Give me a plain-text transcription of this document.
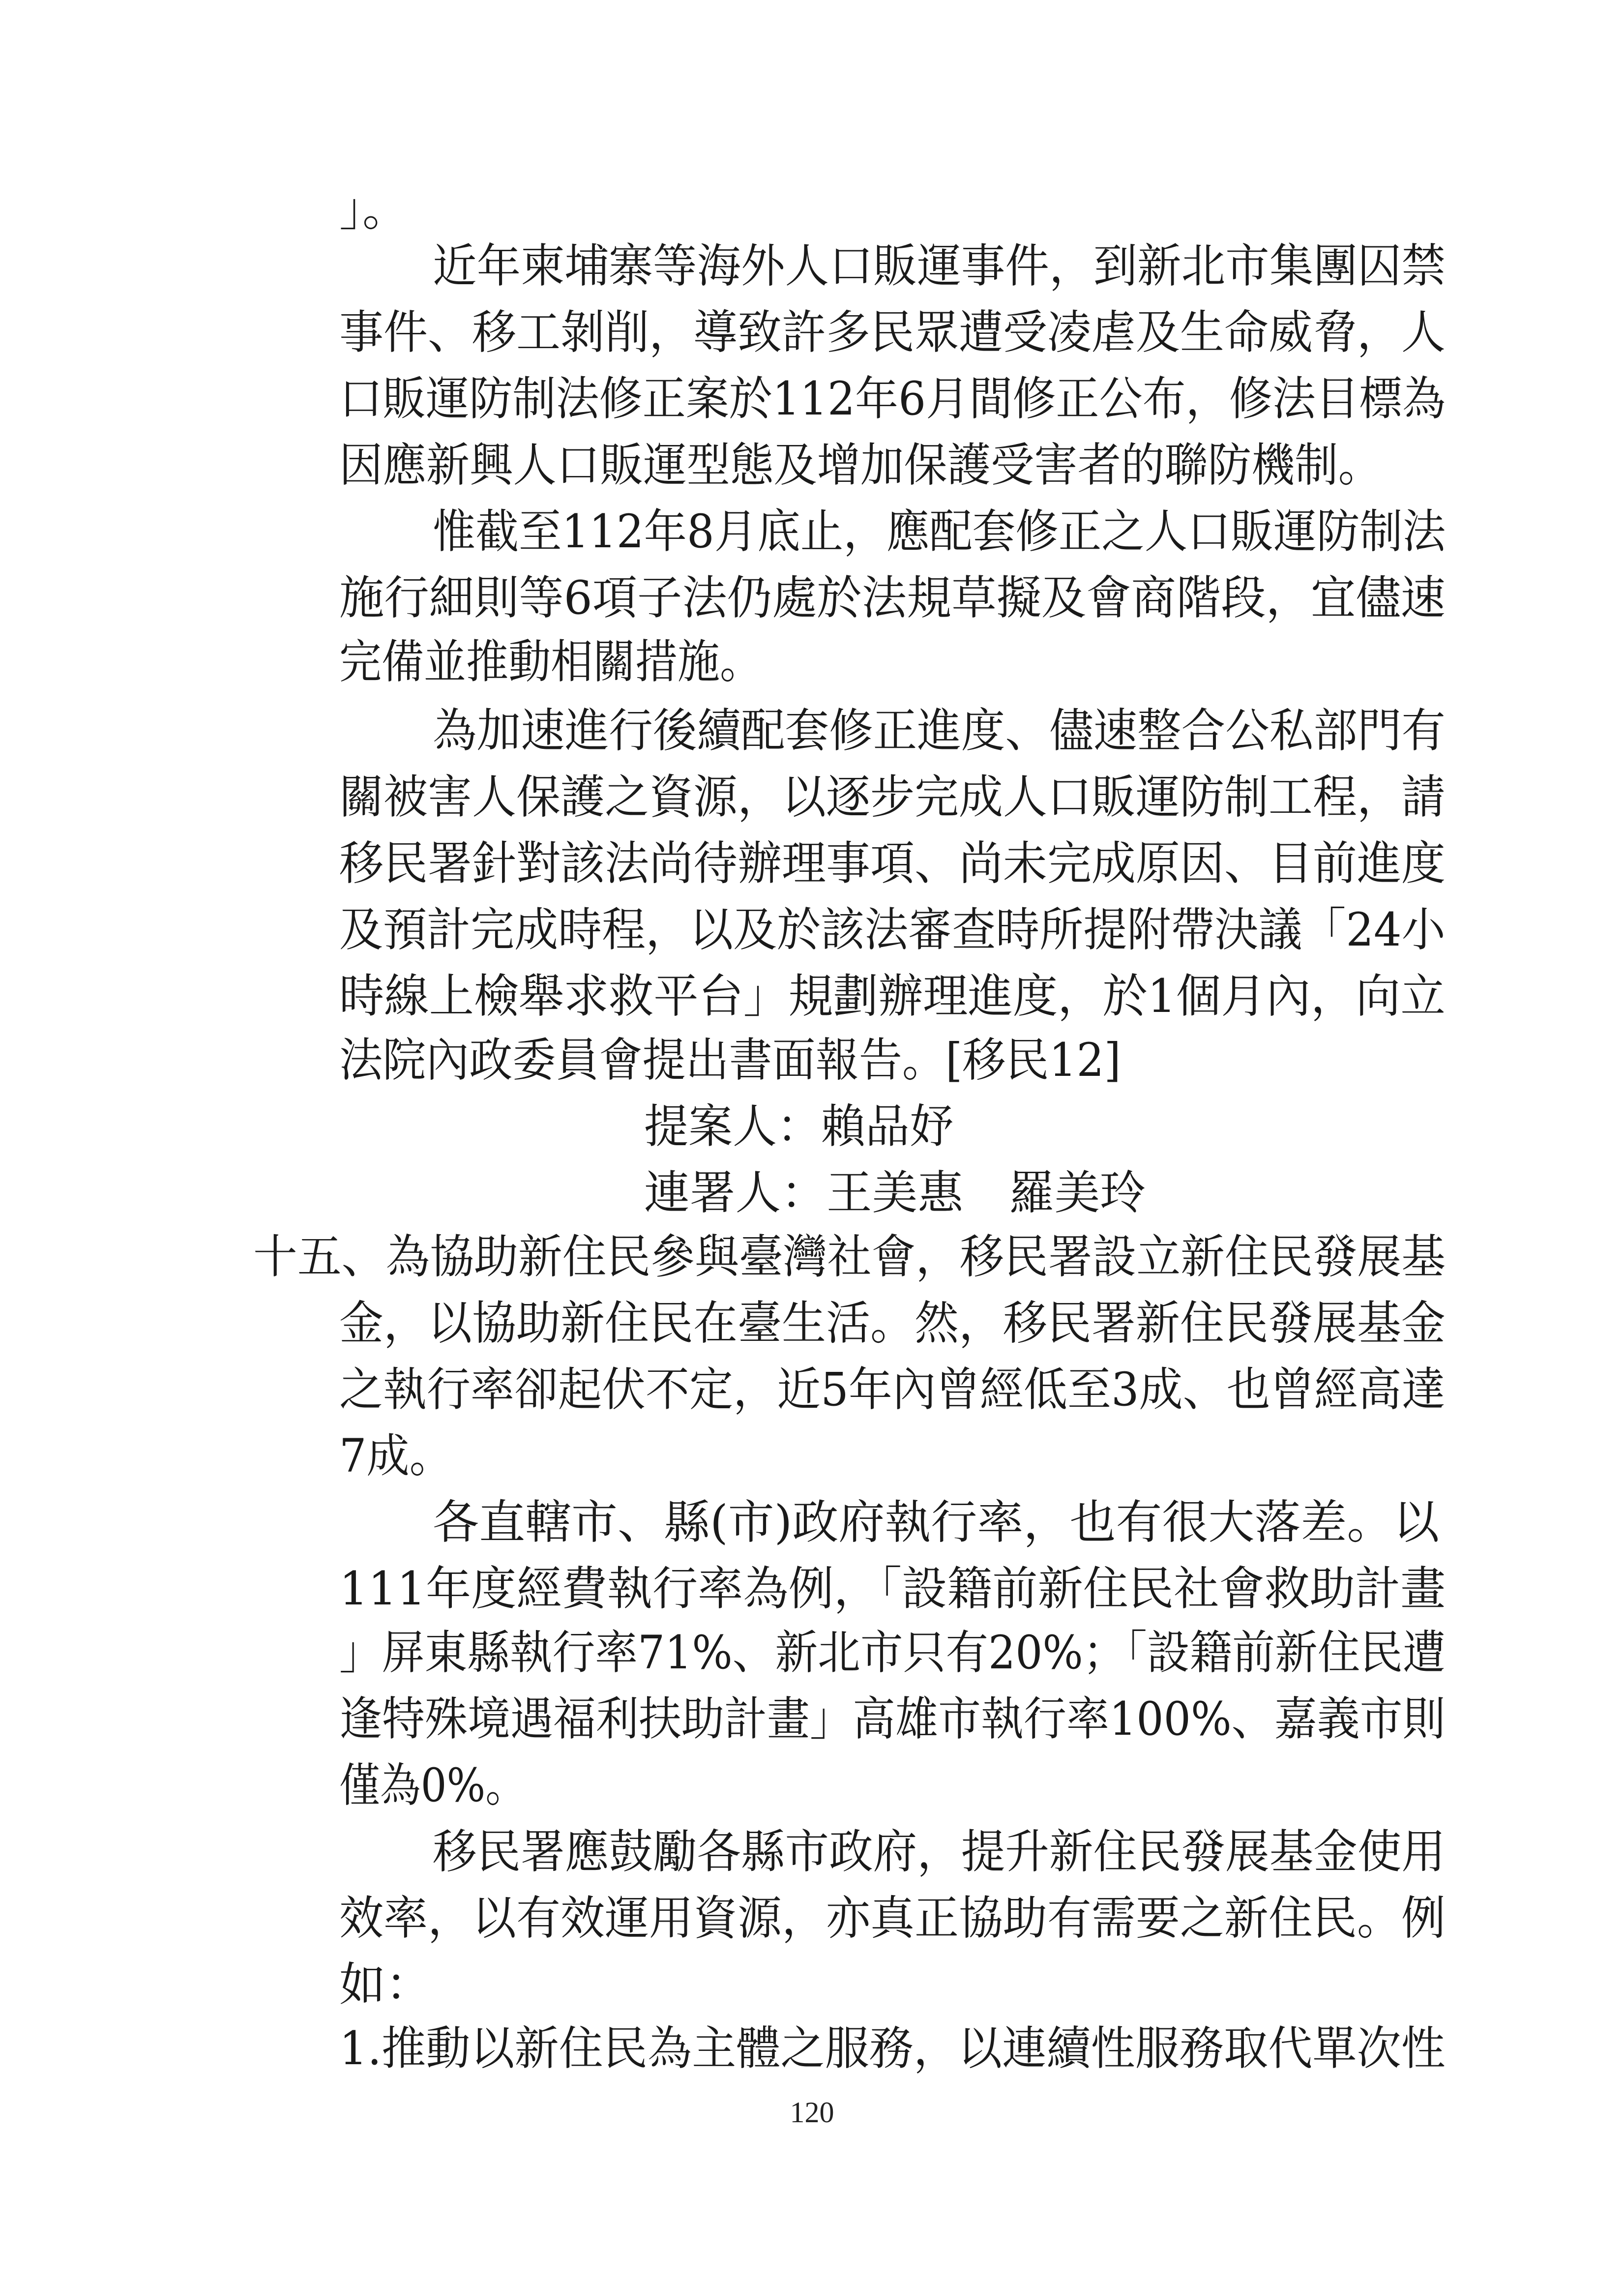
」。
近年柬埔寨等海外人口販運事件，到新北市集團囚禁
事件、移工剝削，導致許多民眾遭受凌虐及生命威脅，人
口販運防制法修正案於112年6月間修正公布，修法目標為
因應新興人口販運型態及增加保護受害者的聯防機制。
惟截至112年8月底止，應配套修正之人口販運防制法
施行細則等6項子法仍處於法規草擬及會商階段，宜儘速
完備並推動相關措施。
為加速進行後續配套修正進度、儘速整合公私部門有
關被害人保護之資源，以逐步完成人口販運防制工程，請
移民署針對該法尚待辦理事項、尚未完成原因、目前進度
及預計完成時程，以及於該法審查時所提附帶決議「24小
時線上檢舉求救平台」規劃辦理進度，於1個月內，向立
法院內政委員會提出書面報告。[移民12]
提案人：賴品妤
連署人：王美惠　羅美玲
十五、為協助新住民參與臺灣社會，移民署設立新住民發展基
金，以協助新住民在臺生活。然，移民署新住民發展基金
之執行率卻起伏不定，近5年內曾經低至3成、也曾經高達
7成。
各直轄市、縣(市)政府執行率，也有很大落差。以
111年度經費執行率為例，「設籍前新住民社會救助計畫
」屏東縣執行率71%、新北市只有20%；「設籍前新住民遭
逢特殊境遇福利扶助計畫」高雄市執行率100%、嘉義市則
僅為0%。
移民署應鼓勵各縣市政府，提升新住民發展基金使用
效率，以有效運用資源，亦真正協助有需要之新住民。例
如：
1.推動以新住民為主體之服務，以連續性服務取代單次性
120
